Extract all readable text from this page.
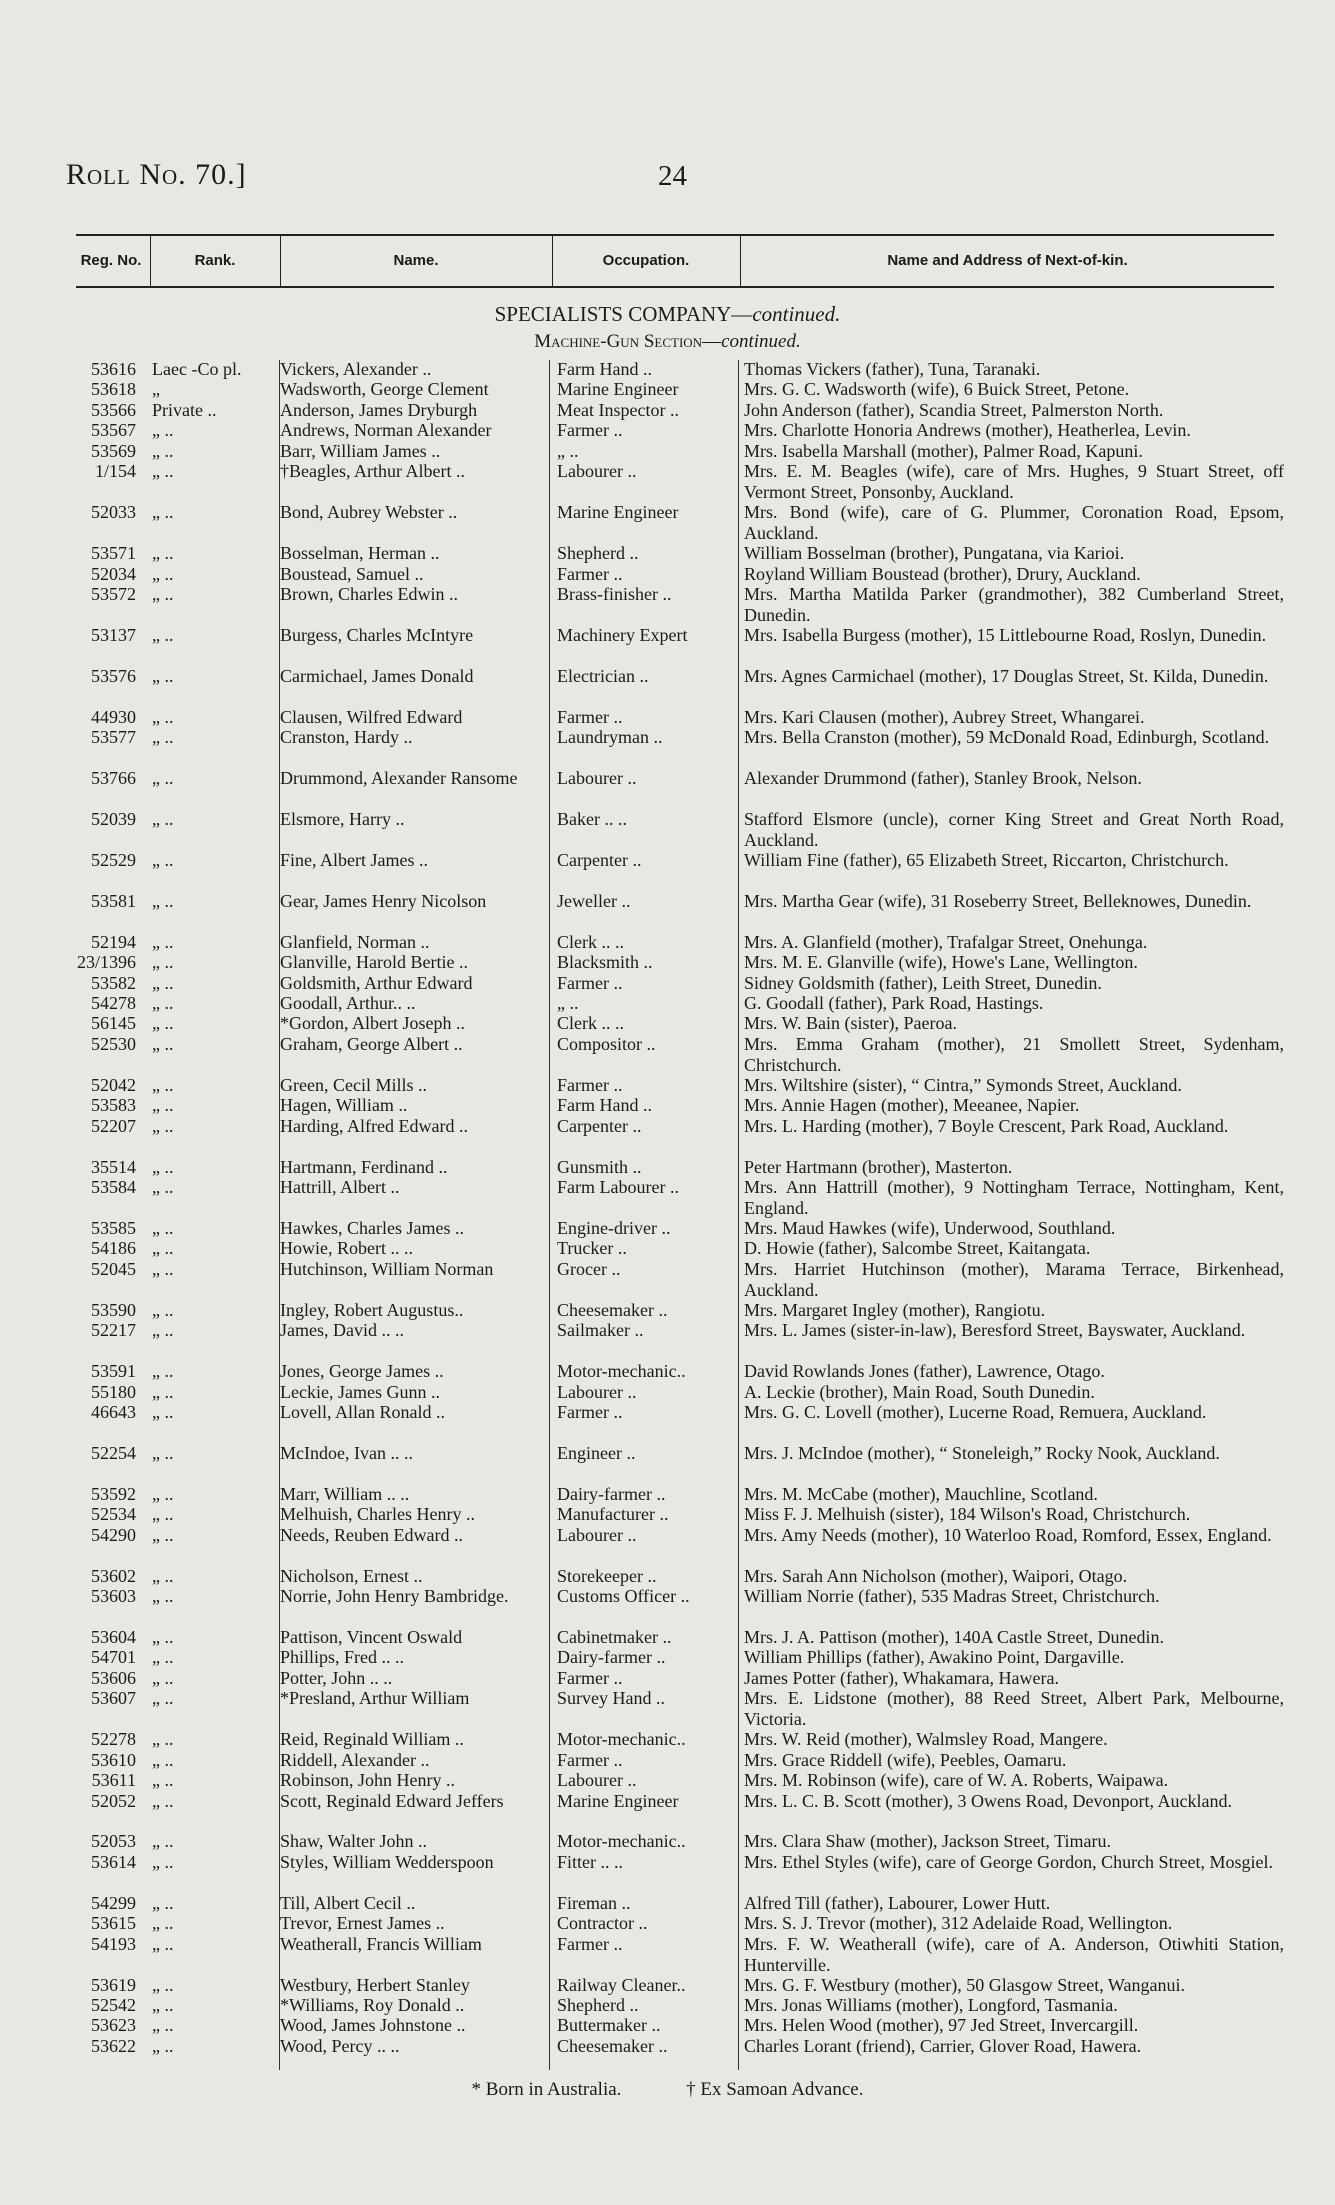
Roll No. 70.]	24
Reg. No.	Rank.	Name.	Occupation.	Name and Address of Next-of-kin.
SPECIALISTS COMPANY—continued.
Machine-Gun Section—continued.
53616 Laec -Co pl.	Vickers, Alexander ..	Farm Hand ..	Thomas Vickers (father), Tuna, Taranaki.
53618 „	Wadsworth, George Clement	Marine Engineer	Mrs. G. C. Wadsworth (wife), 6 Buick Street, Petone.
53566 Private ..	Anderson, James Dryburgh	Meat Inspector ..	John Anderson (father), Scandia Street, Palmerston North.
53567 „ ..	Andrews, Norman Alexander	Farmer ..	Mrs. Charlotte Honoria Andrews (mother), Heatherlea, Levin.
53569 „ ..	Barr, William James ..	„ ..	Mrs. Isabella Marshall (mother), Palmer Road, Kapuni.
1/154 „ ..	†Beagles, Arthur Albert ..	Labourer ..	Mrs. E. M. Beagles (wife), care of Mrs. Hughes, 9 Stuart Street, off Vermont Street, Ponsonby, Auckland.
52033 „ ..	Bond, Aubrey Webster ..	Marine Engineer	Mrs. Bond (wife), care of G. Plummer, Coronation Road, Epsom, Auckland.
53571 „ ..	Bosselman, Herman ..	Shepherd ..	William Bosselman (brother), Pungatana, via Karioi.
52034 „ ..	Boustead, Samuel ..	Farmer ..	Royland William Boustead (brother), Drury, Auckland.
53572 „ ..	Brown, Charles Edwin ..	Brass-finisher ..	Mrs. Martha Matilda Parker (grandmother), 382 Cumberland Street, Dunedin.
53137 „ ..	Burgess, Charles McIntyre	Machinery Expert	Mrs. Isabella Burgess (mother), 15 Littlebourne Road, Roslyn, Dunedin.
53576 „ ..	Carmichael, James Donald	Electrician ..	Mrs. Agnes Carmichael (mother), 17 Douglas Street, St. Kilda, Dunedin.
44930 „ ..	Clausen, Wilfred Edward	Farmer ..	Mrs. Kari Clausen (mother), Aubrey Street, Whangarei.
53577 „ ..	Cranston, Hardy ..	Laundryman ..	Mrs. Bella Cranston (mother), 59 McDonald Road, Edinburgh, Scotland.
53766 „ ..	Drummond, Alexander Ransome	Labourer ..	Alexander Drummond (father), Stanley Brook, Nelson.
52039 „ ..	Elsmore, Harry ..	Baker .. ..	Stafford Elsmore (uncle), corner King Street and Great North Road, Auckland.
52529 „ ..	Fine, Albert James ..	Carpenter ..	William Fine (father), 65 Elizabeth Street, Riccarton, Christchurch.
53581 „ ..	Gear, James Henry Nicolson	Jeweller ..	Mrs. Martha Gear (wife), 31 Roseberry Street, Belleknowes, Dunedin.
52194 „ ..	Glanfield, Norman ..	Clerk .. ..	Mrs. A. Glanfield (mother), Trafalgar Street, Onehunga.
23/1396 „ ..	Glanville, Harold Bertie ..	Blacksmith ..	Mrs. M. E. Glanville (wife), Howe's Lane, Wellington.
53582 „ ..	Goldsmith, Arthur Edward	Farmer ..	Sidney Goldsmith (father), Leith Street, Dunedin.
54278 „ ..	Goodall, Arthur.. ..	„ ..	G. Goodall (father), Park Road, Hastings.
56145 „ ..	*Gordon, Albert Joseph ..	Clerk .. ..	Mrs. W. Bain (sister), Paeroa.
52530 „ ..	Graham, George Albert ..	Compositor ..	Mrs. Emma Graham (mother), 21 Smollett Street, Sydenham, Christchurch.
52042 „ ..	Green, Cecil Mills ..	Farmer ..	Mrs. Wiltshire (sister), “ Cintra,” Symonds Street, Auckland.
53583 „ ..	Hagen, William ..	Farm Hand ..	Mrs. Annie Hagen (mother), Meeanee, Napier.
52207 „ ..	Harding, Alfred Edward ..	Carpenter ..	Mrs. L. Harding (mother), 7 Boyle Crescent, Park Road, Auckland.
35514 „ ..	Hartmann, Ferdinand ..	Gunsmith ..	Peter Hartmann (brother), Masterton.
53584 „ ..	Hattrill, Albert ..	Farm Labourer ..	Mrs. Ann Hattrill (mother), 9 Nottingham Terrace, Nottingham, Kent, England.
53585 „ ..	Hawkes, Charles James ..	Engine-driver ..	Mrs. Maud Hawkes (wife), Underwood, Southland.
54186 „ ..	Howie, Robert .. ..	Trucker ..	D. Howie (father), Salcombe Street, Kaitangata.
52045 „ ..	Hutchinson, William Norman	Grocer ..	Mrs. Harriet Hutchinson (mother), Marama Terrace, Birkenhead, Auckland.
53590 „ ..	Ingley, Robert Augustus..	Cheesemaker ..	Mrs. Margaret Ingley (mother), Rangiotu.
52217 „ ..	James, David .. ..	Sailmaker ..	Mrs. L. James (sister-in-law), Beresford Street, Bayswater, Auckland.
53591 „ ..	Jones, George James ..	Motor-mechanic..	David Rowlands Jones (father), Lawrence, Otago.
55180 „ ..	Leckie, James Gunn ..	Labourer ..	A. Leckie (brother), Main Road, South Dunedin.
46643 „ ..	Lovell, Allan Ronald ..	Farmer ..	Mrs. G. C. Lovell (mother), Lucerne Road, Remuera, Auckland.
52254 „ ..	McIndoe, Ivan .. ..	Engineer ..	Mrs. J. McIndoe (mother), “ Stoneleigh,” Rocky Nook, Auckland.
53592 „ ..	Marr, William .. ..	Dairy-farmer ..	Mrs. M. McCabe (mother), Mauchline, Scotland.
52534 „ ..	Melhuish, Charles Henry ..	Manufacturer ..	Miss F. J. Melhuish (sister), 184 Wilson's Road, Christchurch.
54290 „ ..	Needs, Reuben Edward ..	Labourer ..	Mrs. Amy Needs (mother), 10 Waterloo Road, Romford, Essex, England.
53602 „ ..	Nicholson, Ernest ..	Storekeeper ..	Mrs. Sarah Ann Nicholson (mother), Waipori, Otago.
53603 „ ..	Norrie, John Henry Bambridge.	Customs Officer ..	William Norrie (father), 535 Madras Street, Christchurch.
53604 „ ..	Pattison, Vincent Oswald	Cabinetmaker ..	Mrs. J. A. Pattison (mother), 140A Castle Street, Dunedin.
54701 „ ..	Phillips, Fred .. ..	Dairy-farmer ..	William Phillips (father), Awakino Point, Dargaville.
53606 „ ..	Potter, John .. ..	Farmer ..	James Potter (father), Whakamara, Hawera.
53607 „ ..	*Presland, Arthur William	Survey Hand ..	Mrs. E. Lidstone (mother), 88 Reed Street, Albert Park, Melbourne, Victoria.
52278 „ ..	Reid, Reginald William ..	Motor-mechanic..	Mrs. W. Reid (mother), Walmsley Road, Mangere.
53610 „ ..	Riddell, Alexander ..	Farmer ..	Mrs. Grace Riddell (wife), Peebles, Oamaru.
53611 „ ..	Robinson, John Henry ..	Labourer ..	Mrs. M. Robinson (wife), care of W. A. Roberts, Waipawa.
52052 „ ..	Scott, Reginald Edward Jeffers	Marine Engineer	Mrs. L. C. B. Scott (mother), 3 Owens Road, Devonport, Auckland.
52053 „ ..	Shaw, Walter John ..	Motor-mechanic..	Mrs. Clara Shaw (mother), Jackson Street, Timaru.
53614 „ ..	Styles, William Wedderspoon	Fitter .. ..	Mrs. Ethel Styles (wife), care of George Gordon, Church Street, Mosgiel.
54299 „ ..	Till, Albert Cecil ..	Fireman ..	Alfred Till (father), Labourer, Lower Hutt.
53615 „ ..	Trevor, Ernest James ..	Contractor ..	Mrs. S. J. Trevor (mother), 312 Adelaide Road, Wellington.
54193 „ ..	Weatherall, Francis William	Farmer ..	Mrs. F. W. Weatherall (wife), care of A. Anderson, Otiwhiti Station, Hunterville.
53619 „ ..	Westbury, Herbert Stanley	Railway Cleaner..	Mrs. G. F. Westbury (mother), 50 Glasgow Street, Wanganui.
52542 „ ..	*Williams, Roy Donald ..	Shepherd ..	Mrs. Jonas Williams (mother), Longford, Tasmania.
53623 „ ..	Wood, James Johnstone ..	Buttermaker ..	Mrs. Helen Wood (mother), 97 Jed Street, Invercargill.
53622 „ ..	Wood, Percy .. ..	Cheesemaker ..	Charles Lorant (friend), Carrier, Glover Road, Hawera.
* Born in Australia.	† Ex Samoan Advance.
